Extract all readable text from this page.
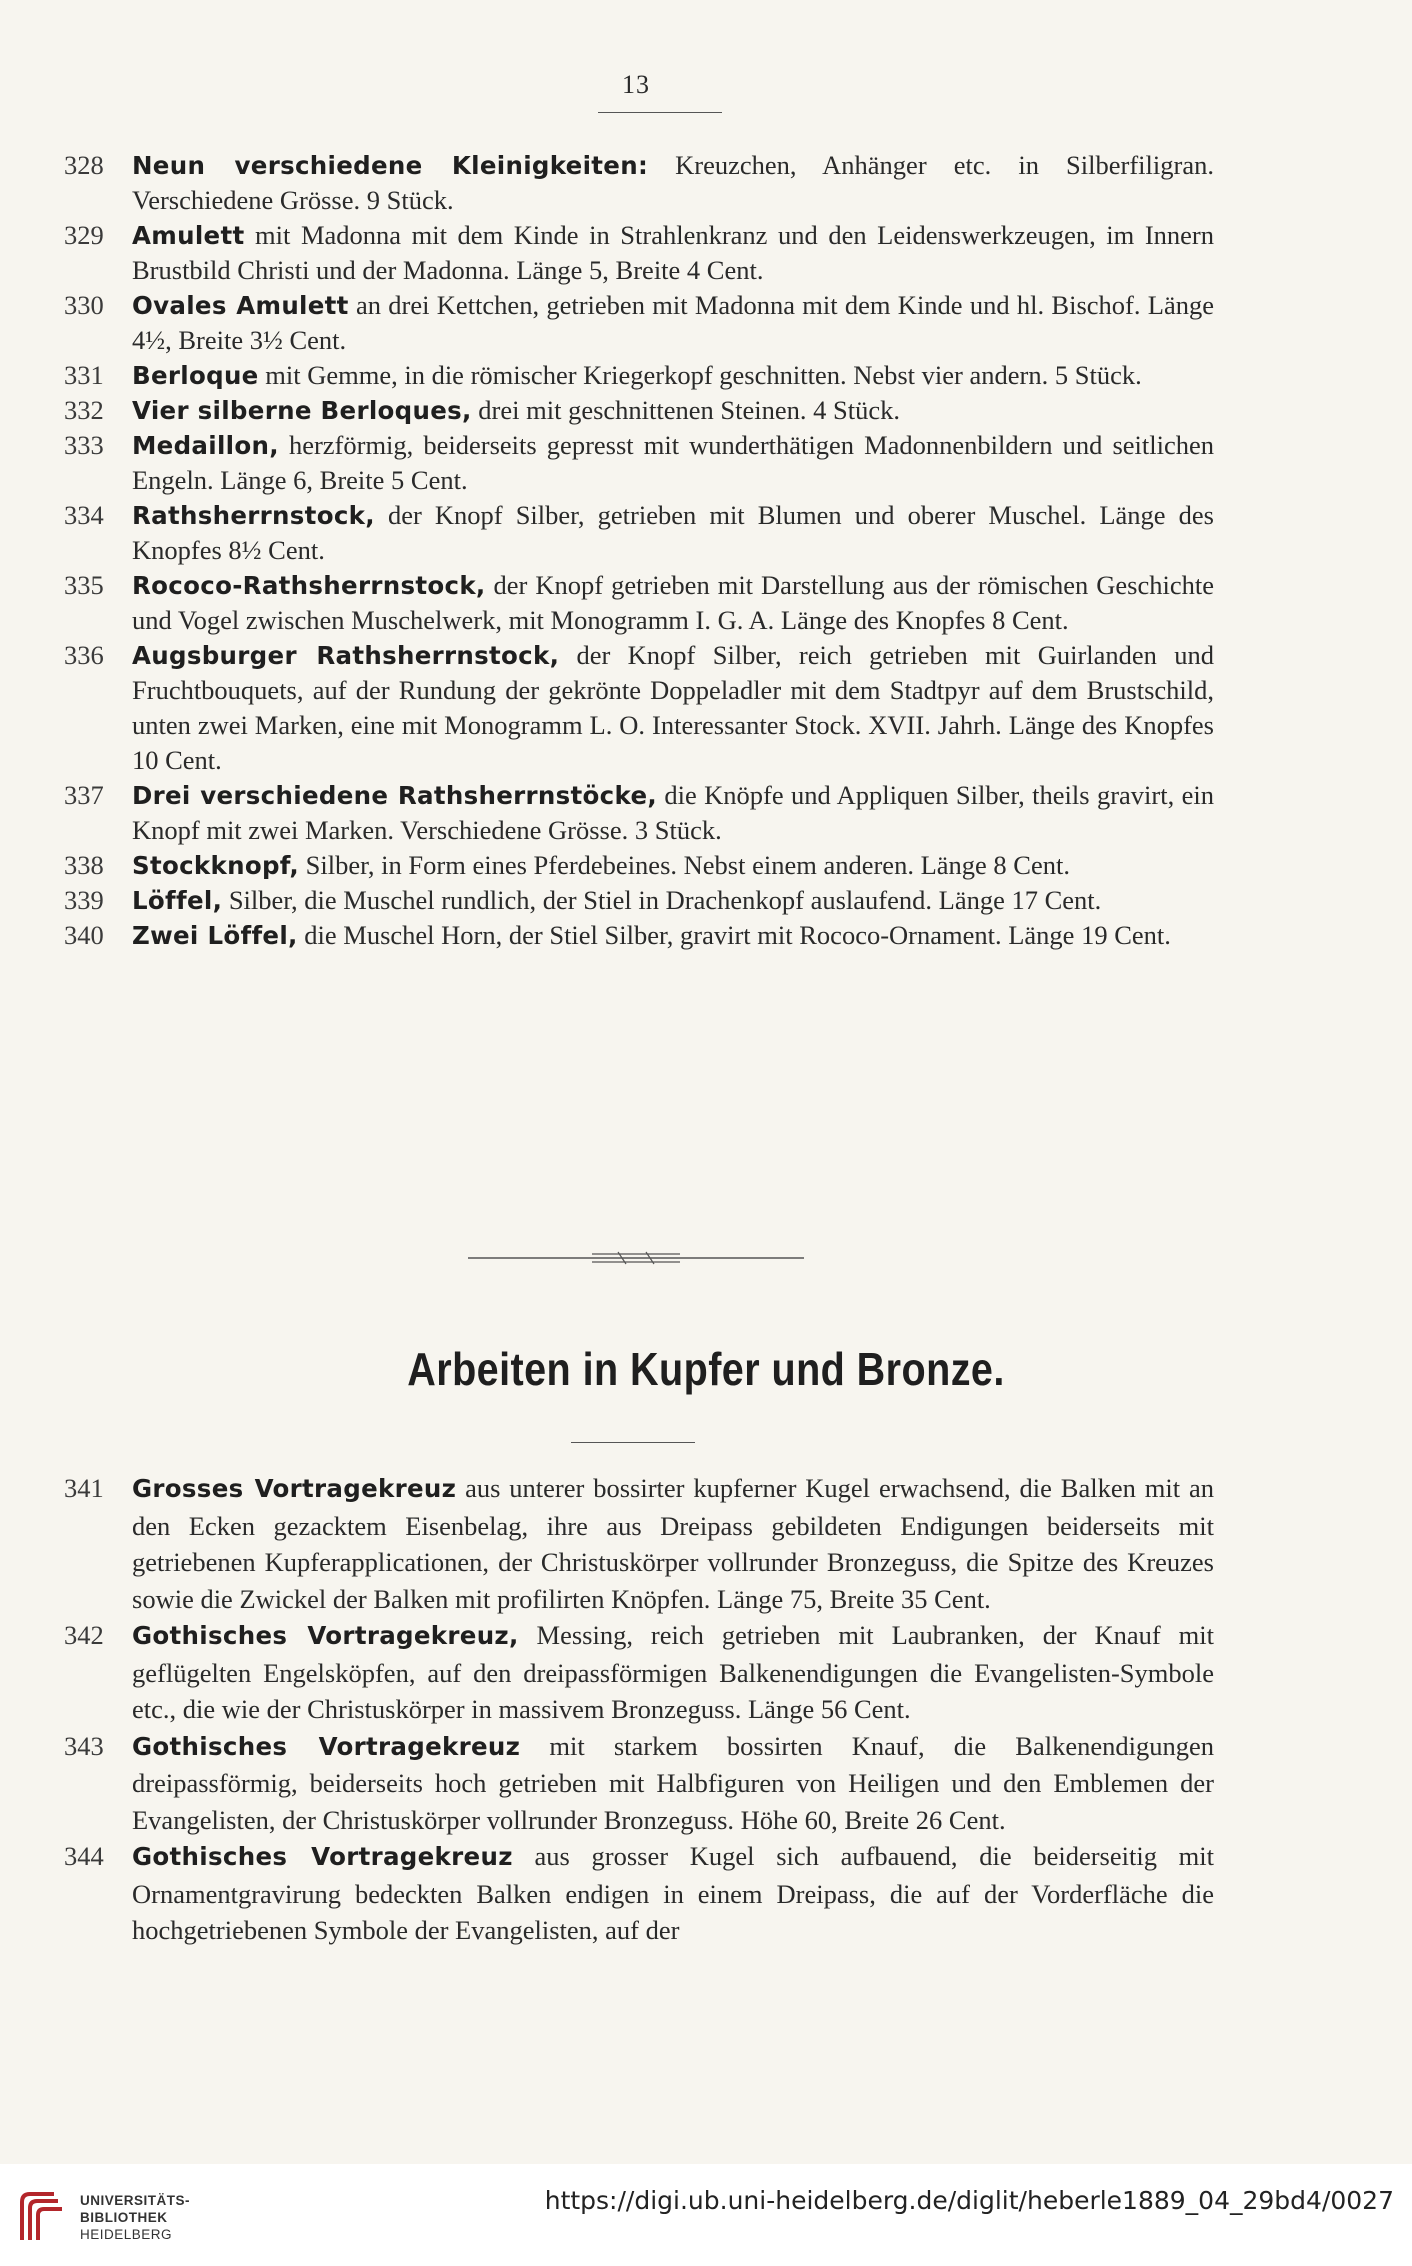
13
328	Neun verschiedene Kleinigkeiten: Kreuzchen, Anhänger etc. in Silberfiligran. Verschiedene Grösse. 9 Stück.
329	Amulett mit Madonna mit dem Kinde in Strahlenkranz und den Leidenswerkzeugen, im Innern Brustbild Christi und der Madonna. Länge 5, Breite 4 Cent.
330	Ovales Amulett an drei Kettchen, getrieben mit Madonna mit dem Kinde und hl. Bischof. Länge 4½, Breite 3½ Cent.
331	Berloque mit Gemme, in die römischer Kriegerkopf geschnitten. Nebst vier andern. 5 Stück.
332	Vier silberne Berloques, drei mit geschnittenen Steinen. 4 Stück.
333	Medaillon, herzförmig, beiderseits gepresst mit wunderthätigen Madonnenbildern und seitlichen Engeln. Länge 6, Breite 5 Cent.
334	Rathsherrnstock, der Knopf Silber, getrieben mit Blumen und oberer Muschel. Länge des Knopfes 8½ Cent.
335	Rococo-Rathsherrnstock, der Knopf getrieben mit Darstellung aus der römischen Geschichte und Vogel zwischen Muschelwerk, mit Monogramm I. G. A. Länge des Knopfes 8 Cent.
336	Augsburger Rathsherrnstock, der Knopf Silber, reich getrieben mit Guirlanden und Fruchtbouquets, auf der Rundung der gekrönte Doppeladler mit dem Stadtpyr auf dem Brustschild, unten zwei Marken, eine mit Monogramm L. O. Interessanter Stock. XVII. Jahrh. Länge des Knopfes 10 Cent.
337	Drei verschiedene Rathsherrnstöcke, die Knöpfe und Appliquen Silber, theils gravirt, ein Knopf mit zwei Marken. Verschiedene Grösse. 3 Stück.
338	Stockknopf, Silber, in Form eines Pferdebeines. Nebst einem anderen. Länge 8 Cent.
339	Löffel, Silber, die Muschel rundlich, der Stiel in Drachenkopf auslaufend. Länge 17 Cent.
340	Zwei Löffel, die Muschel Horn, der Stiel Silber, gravirt mit Rococo-Ornament. Länge 19 Cent.
Arbeiten in Kupfer und Bronze.
341	Grosses Vortragekreuz aus unterer bossirter kupferner Kugel erwachsend, die Balken mit an den Ecken gezacktem Eisenbelag, ihre aus Dreipass gebildeten Endigungen beiderseits mit getriebenen Kupferapplicationen, der Christuskörper vollrunder Bronzeguss, die Spitze des Kreuzes sowie die Zwickel der Balken mit profilirten Knöpfen. Länge 75, Breite 35 Cent.
342	Gothisches Vortragekreuz, Messing, reich getrieben mit Laubranken, der Knauf mit geflügelten Engelsköpfen, auf den dreipassförmigen Balkenendigungen die Evangelisten-Symbole etc., die wie der Christuskörper in massivem Bronzeguss. Länge 56 Cent.
343	Gothisches Vortragekreuz mit starkem bossirten Knauf, die Balkenendigungen dreipassförmig, beiderseits hoch getrieben mit Halbfiguren von Heiligen und den Emblemen der Evangelisten, der Christuskörper vollrunder Bronzeguss. Höhe 60, Breite 26 Cent.
344	Gothisches Vortragekreuz aus grosser Kugel sich aufbauend, die beiderseitig mit Ornamentgravirung bedeckten Balken endigen in einem Dreipass, die auf der Vorderfläche die hochgetriebenen Symbole der Evangelisten, auf der
UNIVERSITÄTS-
BIBLIOTHEK
HEIDELBERG
https://digi.ub.uni-heidelberg.de/diglit/heberle1889_04_29bd4/0027
